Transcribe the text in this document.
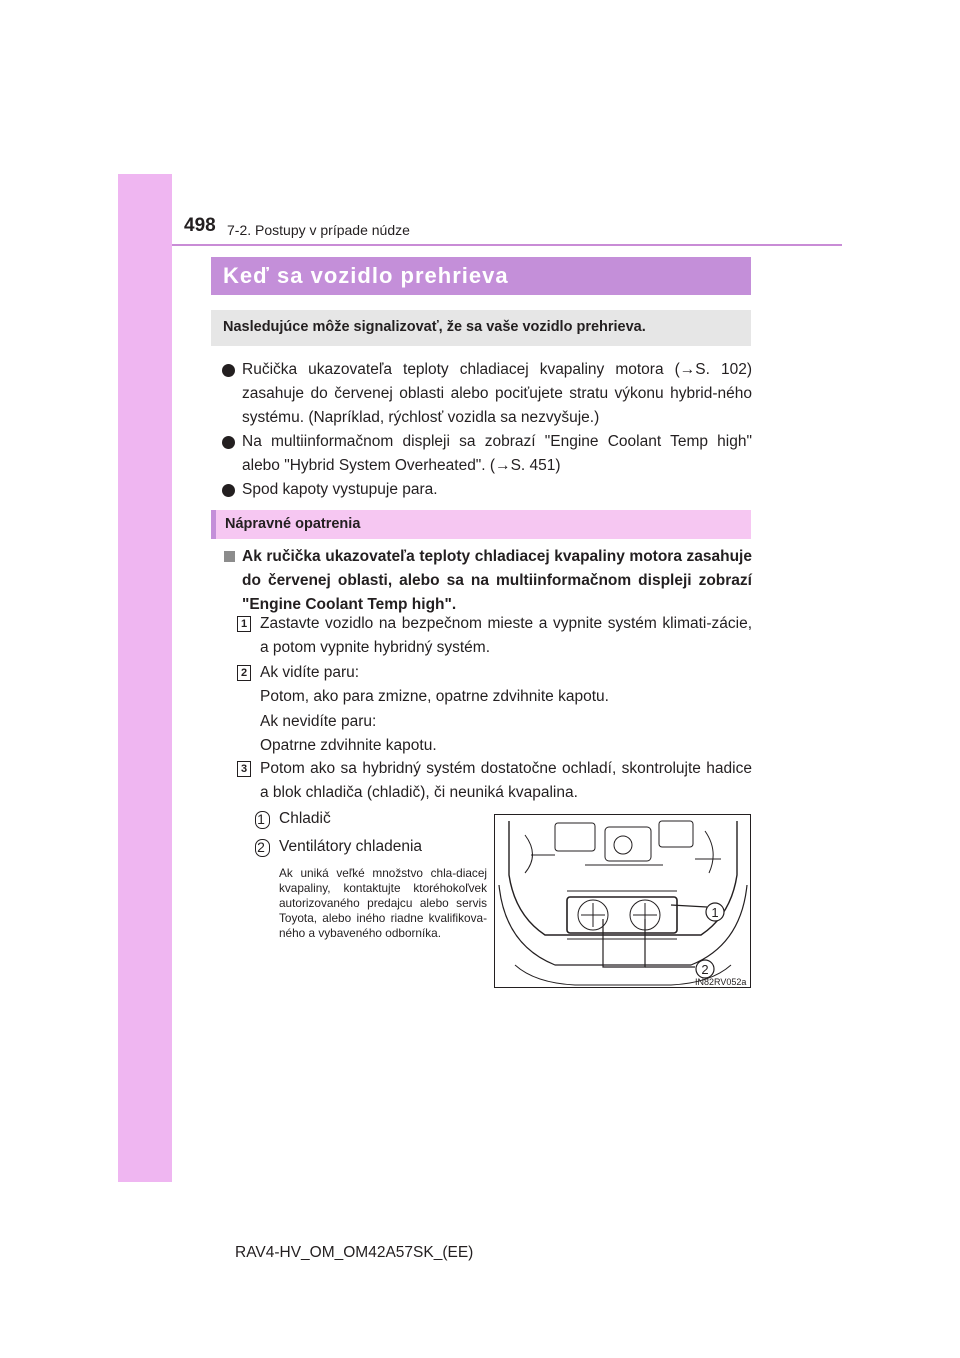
498 7-2. Postupy v prípade núdze
Keď sa vozidlo prehrieva
Nasledujúce môže signalizovať, že sa vaše vozidlo prehrieva.

Ručička ukazovateľa teploty chladiacej kvapaliny motora (→S. 102) zasahuje do červenej oblasti alebo pociťujete stratu výkonu hybrid-ného systému. (Napríklad, rýchlosť vozidla sa nezvyšuje.)

Na multiinformačnom displeji sa zobrazí "Engine Coolant Temp high" alebo "Hybrid System Overheated". (→S. 451)

Spod kapoty vystupuje para.

Nápravné opatrenia

Ak ručička ukazovateľa teploty chladiacej kvapaliny motora zasahuje do červenej oblasti, alebo sa na multiinformačnom displeji zobrazí "Engine Coolant Temp high".

1 Zastavte vozidlo na bezpečnom mieste a vypnite systém klimati-zácie, a potom vypnite hybridný systém.
2 Ak vidíte paru:
Potom, ako para zmizne, opatrne zdvihnite kapotu.
Ak nevidíte paru:
Opatrne zdvihnite kapotu.
3 Potom ako sa hybridný systém dostatočne ochladí, skontrolujte hadice a blok chladiča (chladič), či neuniká kvapalina.
1 Chladič
2 Ventilátory chladenia
Ak uniká veľké množstvo chla-diacej kvapaliny, kontaktujte ktoréhokoľvek autorizovaného predajcu alebo servis Toyota, alebo iného riadne kvalifikova-ného a vybaveného odborníka.
1
2
IN82RV052a
RAV4-HV_OM_OM42A57SK_(EE)
